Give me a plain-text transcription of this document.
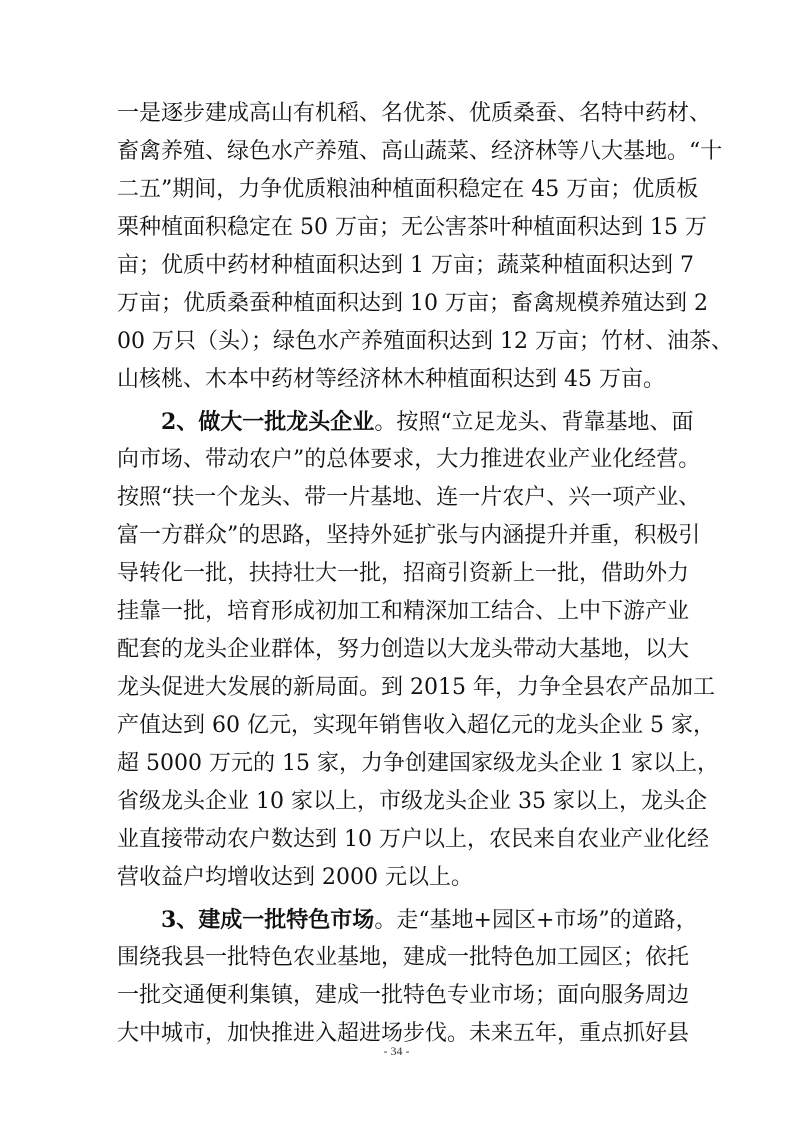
一是逐步建成高山有机稻、名优茶、优质桑蚕、名特中药材、
畜禽养殖、绿色水产养殖、高山蔬菜、经济林等八大基地。“十
二五”期间，力争优质粮油种植面积稳定在 45 万亩；优质板
栗种植面积稳定在 50 万亩；无公害茶叶种植面积达到 15 万
亩；优质中药材种植面积达到 1 万亩；蔬菜种植面积达到 7
万亩；优质桑蚕种植面积达到 10 万亩；畜禽规模养殖达到 2
00 万只（头）；绿色水产养殖面积达到 12 万亩；竹材、油茶、
山核桃、木本中药材等经济林木种植面积达到 45 万亩。
2、做大一批龙头企业。按照“立足龙头、背靠基地、面
向市场、带动农户”的总体要求，大力推进农业产业化经营。
按照“扶一个龙头、带一片基地、连一片农户、兴一项产业、
富一方群众”的思路，坚持外延扩张与内涵提升并重，积极引
导转化一批，扶持壮大一批，招商引资新上一批，借助外力
挂靠一批，培育形成初加工和精深加工结合、上中下游产业
配套的龙头企业群体，努力创造以大龙头带动大基地，以大
龙头促进大发展的新局面。到 2015 年，力争全县农产品加工
产值达到 60 亿元，实现年销售收入超亿元的龙头企业 5 家，
超 5000 万元的 15 家，力争创建国家级龙头企业 1 家以上，
省级龙头企业 10 家以上，市级龙头企业 35 家以上，龙头企
业直接带动农户数达到 10 万户以上，农民来自农业产业化经
营收益户均增收达到 2000 元以上。
3、建成一批特色市场。走“基地+园区+市场”的道路，
围绕我县一批特色农业基地，建成一批特色加工园区；依托
一批交通便利集镇，建成一批特色专业市场；面向服务周边
大中城市，加快推进入超进场步伐。未来五年，重点抓好县
- 34 -
